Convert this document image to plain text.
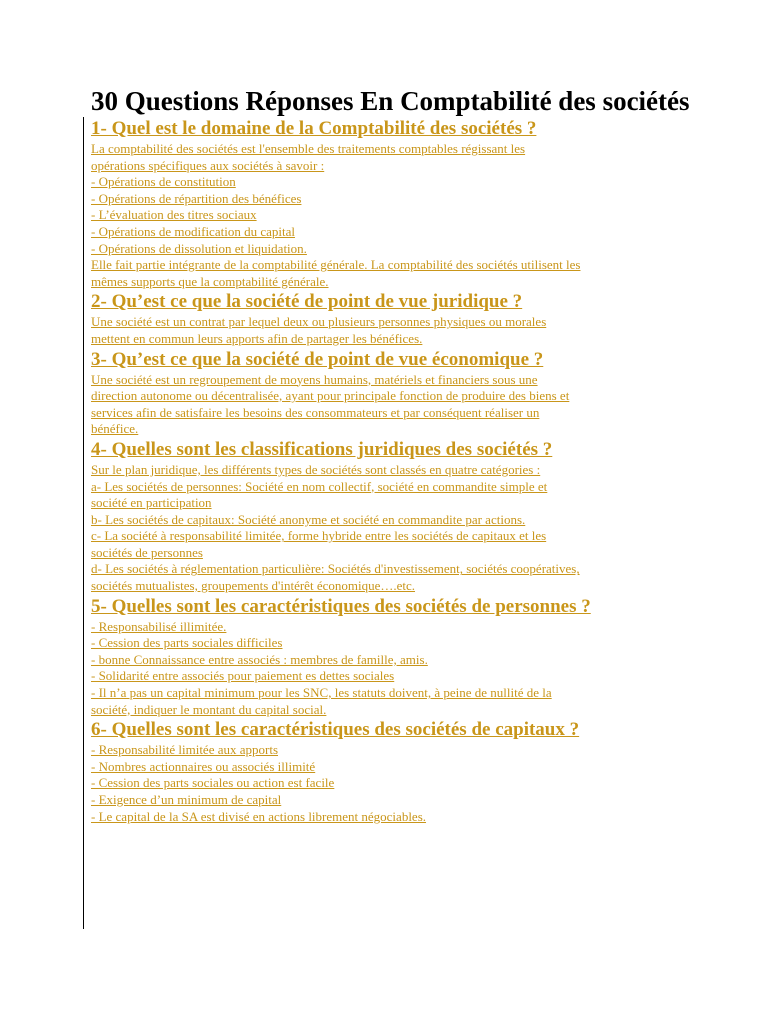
30 Questions Réponses En Comptabilité des sociétés
1- Quel est le domaine de la Comptabilité des sociétés ?
La comptabilité des sociétés est l'ensemble des traitements comptables régissant les
opérations spécifiques aux sociétés à savoir :
- Opérations de constitution
- Opérations de répartition des bénéfices
- L’évaluation des titres sociaux
- Opérations de modification du capital
- Opérations de dissolution et liquidation.
Elle fait partie intégrante de la comptabilité générale. La comptabilité des sociétés utilisent les
mêmes supports que la comptabilité générale.
2- Qu’est ce que la société de point de vue juridique ?
Une société est un contrat par lequel deux ou plusieurs personnes physiques ou morales
mettent en commun leurs apports afin de partager les bénéfices.
3- Qu’est ce que la société de point de vue économique ?
Une société est un regroupement de moyens humains, matériels et financiers sous une
direction autonome ou décentralisée, ayant pour principale fonction de produire des biens et
services afin de satisfaire les besoins des consommateurs et par conséquent réaliser un
bénéfice.
4- Quelles sont les classifications juridiques des sociétés ?
Sur le plan juridique, les différents types de sociétés sont classés en quatre catégories :
a- Les sociétés de personnes: Société en nom collectif, société en commandite simple et
société en participation
b- Les sociétés de capitaux: Société anonyme et société en commandite par actions.
c- La société à responsabilité limitée, forme hybride entre les sociétés de capitaux et les
sociétés de personnes
d- Les sociétés à réglementation particulière: Sociétés d'investissement, sociétés coopératives,
sociétés mutualistes, groupements d'intérêt économique….etc.
5- Quelles sont les caractéristiques des sociétés de personnes ?
- Responsabilisé illimitée.
- Cession des parts sociales difficiles
- bonne Connaissance entre associés : membres de famille, amis.
- Solidarité entre associés pour paiement es dettes sociales
- Il n’a pas un capital minimum pour les SNC, les statuts doivent, à peine de nullité de la
société, indiquer le montant du capital social.
6- Quelles sont les caractéristiques des sociétés de capitaux ?
- Responsabilité limitée aux apports
- Nombres actionnaires ou associés illimité
- Cession des parts sociales ou action est facile
- Exigence d’un minimum de capital
- Le capital de la SA est divisé en actions librement négociables.
